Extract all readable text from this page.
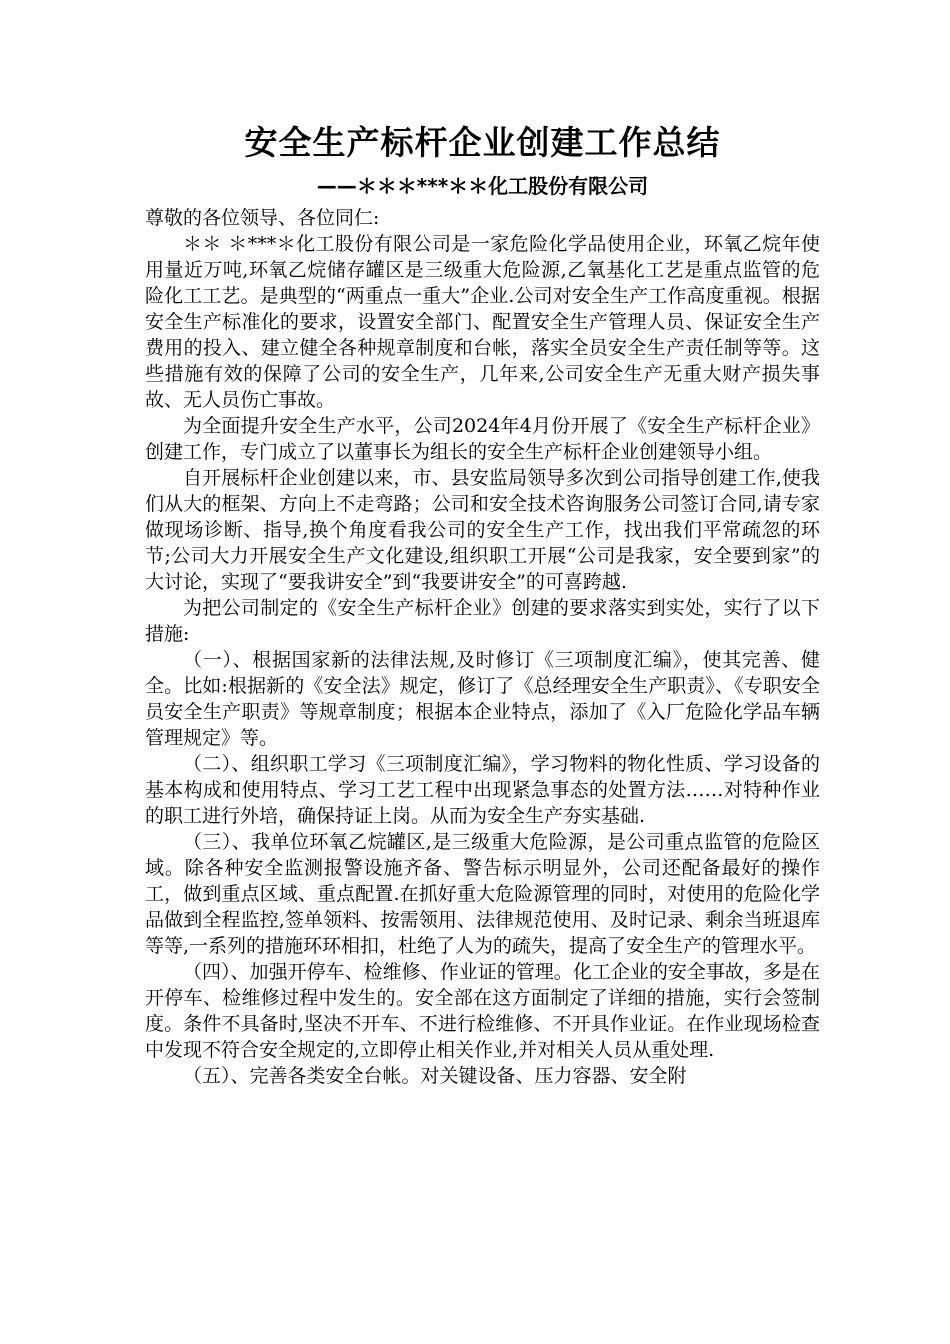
安全生产标杆企业创建工作总结
——＊＊＊***＊＊化工股份有限公司

尊敬的各位领导、各位同仁:

＊＊ ＊***＊化工股份有限公司是一家危险化学品使用企业，环氧乙烷年使用量近万吨,环氧乙烷储存罐区是三级重大危险源,乙氧基化工艺是重点监管的危险化工工艺。是典型的“两重点一重大”企业.公司对安全生产工作高度重视。根据安全生产标准化的要求，设置安全部门、配置安全生产管理人员、保证安全生产费用的投入、建立健全各种规章制度和台帐，落实全员安全生产责任制等等。这些措施有效的保障了公司的安全生产，几年来,公司安全生产无重大财产损失事故、无人员伤亡事故。

为全面提升安全生产水平，公司2024年4月份开展了《安全生产标杆企业》创建工作，专门成立了以董事长为组长的安全生产标杆企业创建领导小组。

自开展标杆企业创建以来，市、县安监局领导多次到公司指导创建工作,使我们从大的框架、方向上不走弯路；公司和安全技术咨询服务公司签订合同,请专家做现场诊断、指导,换个角度看我公司的安全生产工作，找出我们平常疏忽的环节;公司大力开展安全生产文化建设,组织职工开展“公司是我家，安全要到家”的大讨论，实现了“要我讲安全”到“我要讲安全”的可喜跨越.

为把公司制定的《安全生产标杆企业》创建的要求落实到实处，实行了以下措施:

（一）、根据国家新的法律法规,及时修订《三项制度汇编》，使其完善、健全。比如:根据新的《安全法》规定，修订了《总经理安全生产职责》、《专职安全员安全生产职责》等规章制度；根据本企业特点，添加了《入厂危险化学品车辆管理规定》等。

（二）、组织职工学习《三项制度汇编》，学习物料的物化性质、学习设备的基本构成和使用特点、学习工艺工程中出现紧急事态的处置方法……对特种作业的职工进行外培，确保持证上岗。从而为安全生产夯实基础.

（三）、我单位环氧乙烷罐区,是三级重大危险源，是公司重点监管的危险区域。除各种安全监测报警设施齐备、警告标示明显外，公司还配备最好的操作工，做到重点区域、重点配置.在抓好重大危险源管理的同时，对使用的危险化学品做到全程监控,签单领料、按需领用、法律规范使用、及时记录、剩余当班退库等等,一系列的措施环环相扣，杜绝了人为的疏失，提高了安全生产的管理水平。

（四）、加强开停车、检维修、作业证的管理。化工企业的安全事故，多是在开停车、检维修过程中发生的。安全部在这方面制定了详细的措施，实行会签制度。条件不具备时,坚决不开车、不进行检维修、不开具作业证。在作业现场检查中发现不符合安全规定的,立即停止相关作业,并对相关人员从重处理.

（五）、完善各类安全台帐。对关键设备、压力容器、安全附
